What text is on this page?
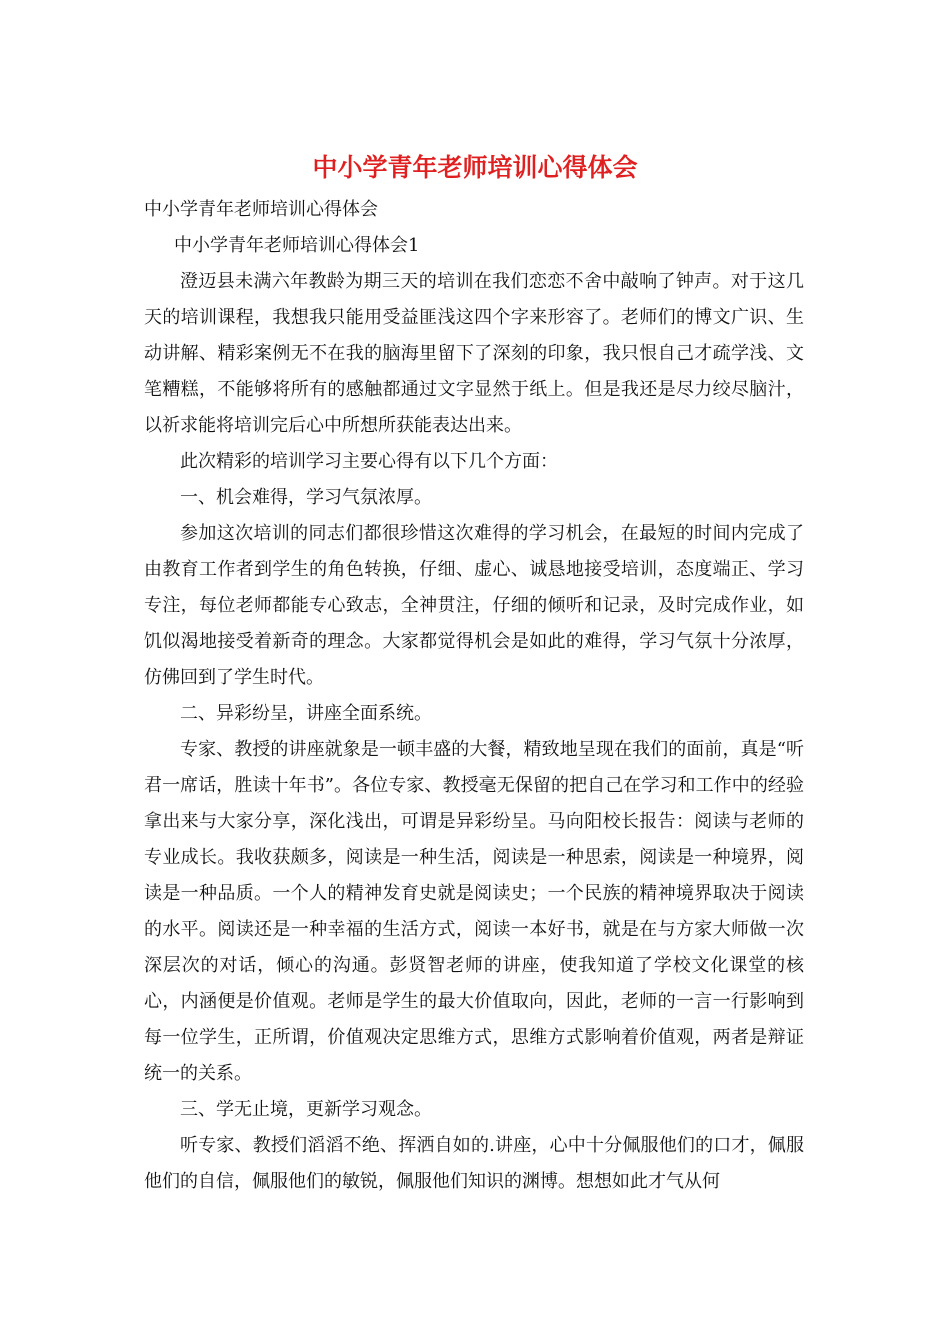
中小学青年老师培训心得体会

中小学青年老师培训心得体会

中小学青年老师培训心得体会1

澄迈县未满六年教龄为期三天的培训在我们恋恋不舍中敲响了钟声。对于这几天的培训课程，我想我只能用受益匪浅这四个字来形容了。老师们的博文广识、生动讲解、精彩案例无不在我的脑海里留下了深刻的印象，我只恨自己才疏学浅、文笔糟糕，不能够将所有的感触都通过文字显然于纸上。但是我还是尽力绞尽脑汁，以祈求能将培训完后心中所想所获能表达出来。

此次精彩的培训学习主要心得有以下几个方面：

一、机会难得，学习气氛浓厚。

参加这次培训的同志们都很珍惜这次难得的学习机会，在最短的时间内完成了由教育工作者到学生的角色转换，仔细、虚心、诚恳地接受培训，态度端正、学习专注，每位老师都能专心致志，全神贯注，仔细的倾听和记录，及时完成作业，如饥似渴地接受着新奇的理念。大家都觉得机会是如此的难得，学习气氛十分浓厚，仿佛回到了学生时代。

二、异彩纷呈，讲座全面系统。

专家、教授的讲座就象是一顿丰盛的大餐，精致地呈现在我们的面前，真是“听君一席话，胜读十年书”。各位专家、教授毫无保留的把自己在学习和工作中的经验拿出来与大家分享，深化浅出，可谓是异彩纷呈。马向阳校长报告：阅读与老师的专业成长。我收获颇多，阅读是一种生活，阅读是一种思索，阅读是一种境界，阅读是一种品质。一个人的精神发育史就是阅读史；一个民族的精神境界取决于阅读的水平。阅读还是一种幸福的生活方式，阅读一本好书，就是在与方家大师做一次深层次的对话，倾心的沟通。彭贤智老师的讲座，使我知道了学校文化课堂的核心，内涵便是价值观。老师是学生的最大价值取向，因此，老师的一言一行影响到每一位学生，正所谓，价值观决定思维方式，思维方式影响着价值观，两者是辩证统一的关系。

三、学无止境，更新学习观念。

听专家、教授们滔滔不绝、挥洒自如的.讲座，心中十分佩服他们的口才，佩服他们的自信，佩服他们的敏锐，佩服他们知识的渊博。想想如此才气从何
